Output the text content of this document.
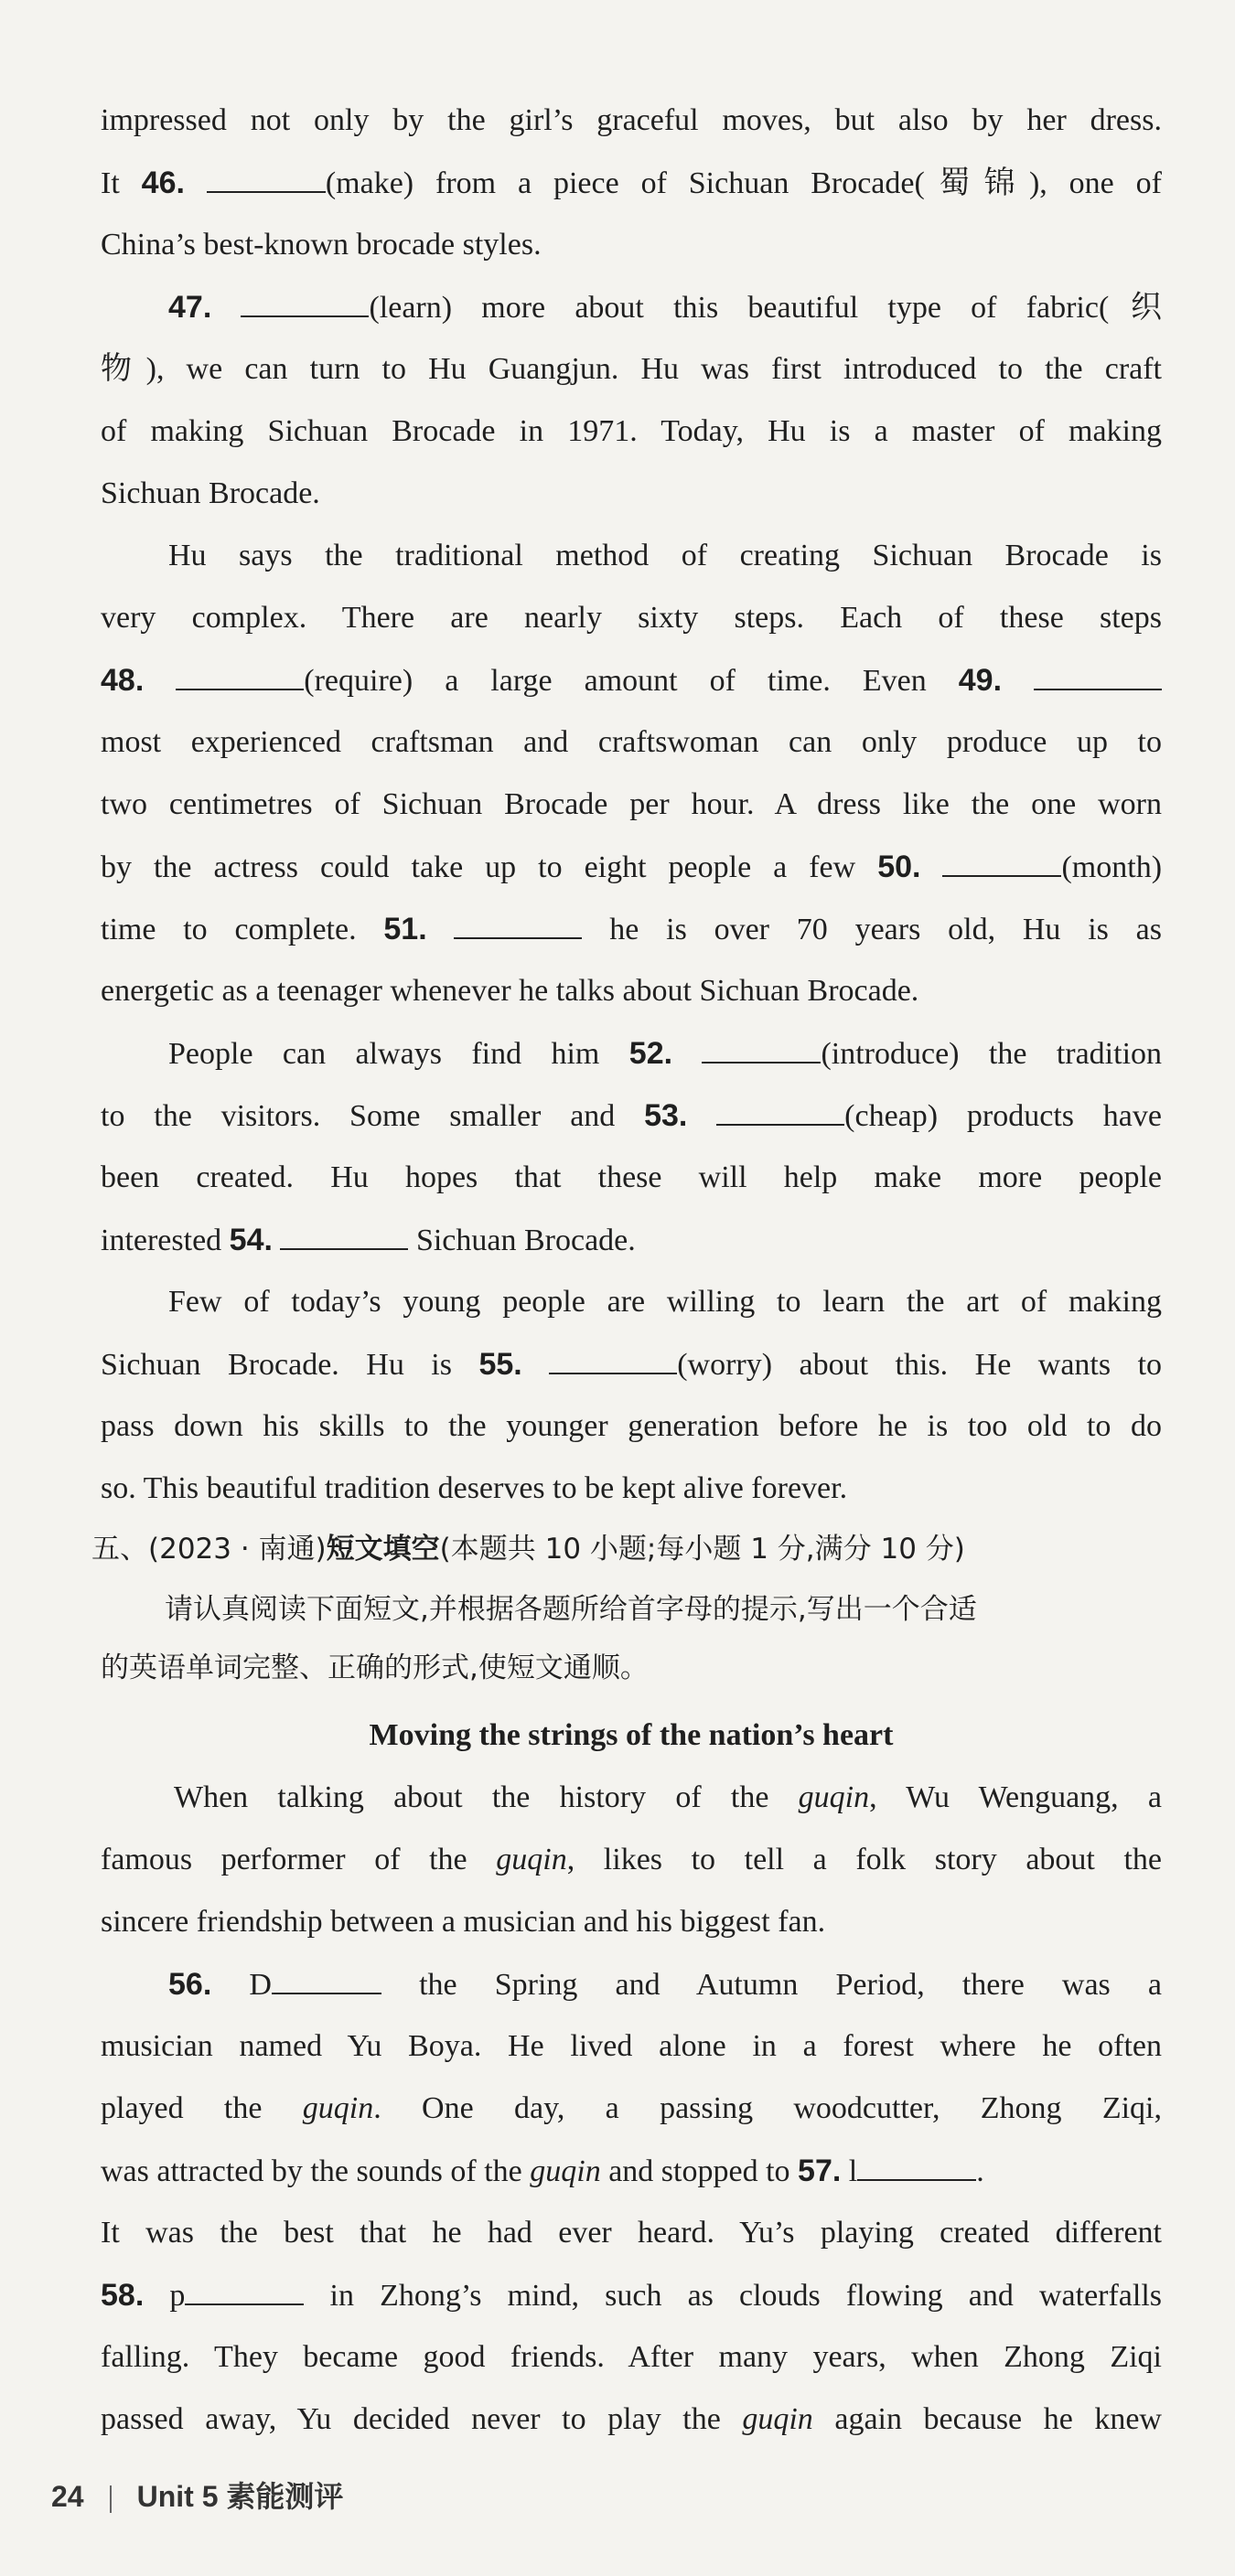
impressed not only by the girl’s graceful moves, but also by her dress.

It 46.	(make) from a piece of Sichuan Brocade(蜀锦), one of

China’s best-known brocade styles.

47.	(learn) more about this beautiful type of fabric(织

物), we can turn to Hu Guangjun. Hu was first introduced to the craft

of making Sichuan Brocade in 1971. Today, Hu is a master of making

Sichuan Brocade.

Hu says the traditional method of creating Sichuan Brocade is

very complex. There are nearly sixty steps. Each of these steps

48.	(require) a large amount of time. Even 49.

most experienced craftsman and craftswoman can only produce up to

two centimetres of Sichuan Brocade per hour. A dress like the one worn

by the actress could take up to eight people a few 50.	(month)

time to complete. 51.	he is over 70 years old, Hu is as

energetic as a teenager whenever he talks about Sichuan Brocade.

People can always find him 52.	(introduce) the tradition

to the visitors. Some smaller and 53.	(cheap) products have

been created. Hu hopes that these will help make more people

interested 54.	Sichuan Brocade.

Few of today’s young people are willing to learn the art of making

Sichuan Brocade. Hu is 55.	(worry) about this. He wants to

pass down his skills to the younger generation before he is too old to do

so. This beautiful tradition deserves to be kept alive forever.

五、(2023 · 南通)短文填空(本题共 10 小题;每小题 1 分,满分 10 分)

请认真阅读下面短文,并根据各题所给首字母的提示,写出一个合适

的英语单词完整、正确的形式,使短文通顺。

Moving the strings of the nation’s heart

When talking about the history of the guqin, Wu Wenguang, a

famous performer of the guqin, likes to tell a folk story about the

sincere friendship between a musician and his biggest fan.

56. D	the Spring and Autumn Period, there was a

musician named Yu Boya. He lived alone in a forest where he often

played the guqin. One day, a passing woodcutter, Zhong Ziqi,

was attracted by the sounds of the guqin and stopped to 57. l	.

It was the best that he had ever heard. Yu’s playing created different

58. p	in Zhong’s mind, such as clouds flowing and waterfalls

falling. They became good friends. After many years, when Zhong Ziqi

passed away, Yu decided never to play the guqin again because he knew

24 Unit 5 素能测评
